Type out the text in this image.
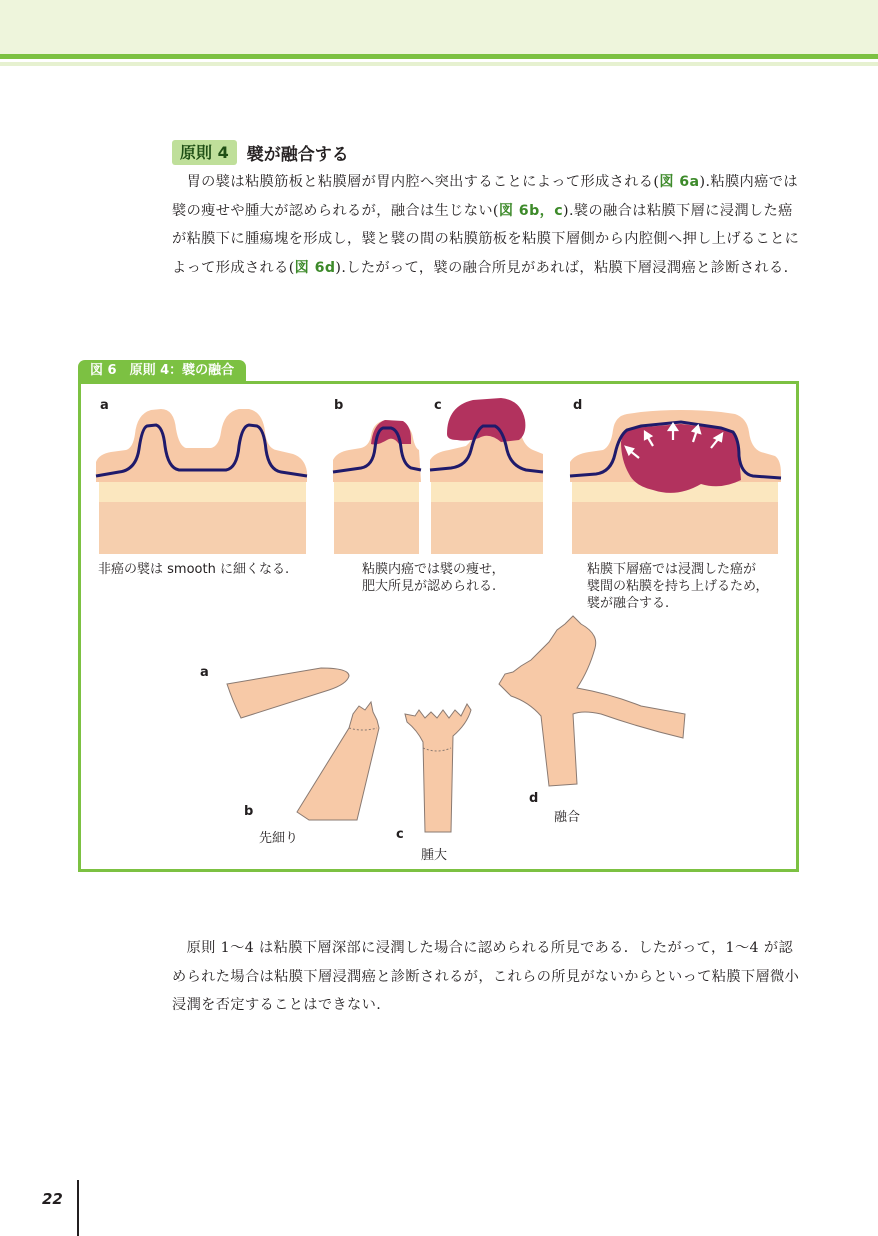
原則 4	襞が融合する

　胃の襞は粘膜筋板と粘膜層が胃内腔へ突出することによって形成される(図 6a).粘膜内癌では襞の痩せや腫大が認められるが，融合は生じない(図 6b，c).襞の融合は粘膜下層に浸潤した癌が粘膜下に腫瘍塊を形成し，襞と襞の間の粘膜筋板を粘膜下層側から内腔側へ押し上げることによって形成される(図 6d).したがって，襞の融合所見があれば，粘膜下層浸潤癌と診断される.

図 6　原則 4：襞の融合
a	b	c	d
非癌の襞は smooth に細くなる.	粘膜内癌では襞の痩せ，
肥大所見が認められる.
粘膜下層癌では浸潤した癌が
襞間の粘膜を持ち上げるため，
襞が融合する.
a
b
先細り	c
腫大
d
融合

　原則 1〜4 は粘膜下層深部に浸潤した場合に認められる所見である．したがって，1〜4 が認められた場合は粘膜下層浸潤癌と診断されるが，これらの所見がないからといって粘膜下層微小浸潤を否定することはできない.

22
